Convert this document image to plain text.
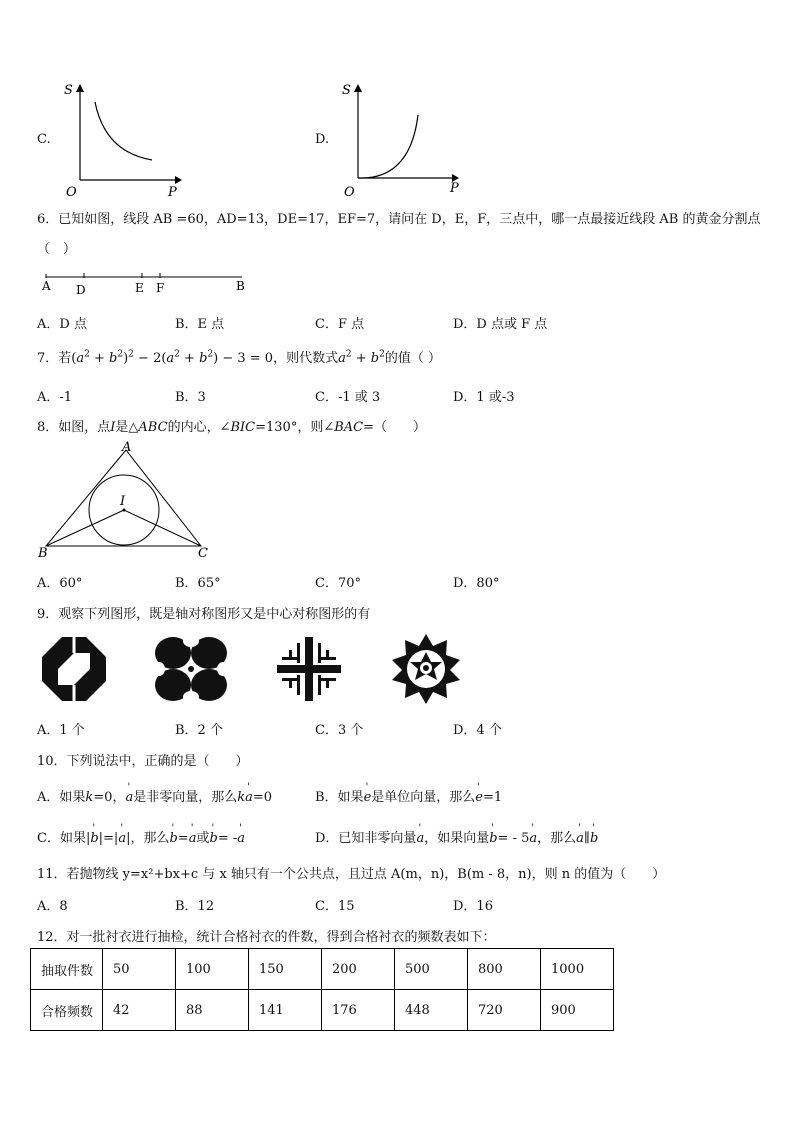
C.
S
P
O
D.
S
P
O
6．已知如图，线段 AB =60，AD=13，DE=17，EF=7，请问在 D，E，F，三点中，哪一点最接近线段 AB 的黄金分割点
（　）
A D	E F	B
A．D 点	B．E 点	C．F 点	D．D 点或 F 点
7．若$(a^2 + b^2)^2 - 2(a^2 + b^2) - 3 = 0$，则代数式$a^2 + b^2$的值（ ）
A．-1	B．3	C．-1 或 3	D．1 或-3
8．如图，点I是△ABC的内心，∠BIC=130°，则∠BAC=（　　）
A
B	C
I
A．60°	B．65°	C．70°	D．80°
9．观察下列图形，既是轴对称图形又是中心对称图形的有
A．1 个	B．2 个	C．3 个	D．4 个
10．下列说法中，正确的是（　　）
A．如果k=0，' a是非零向量，那么k' a=0	B．如果' e是单位向量，那么' e=1
C．如果|' b|=|' a|，那么' b=' a或' b= -' a	D．已知非零向量' a，如果向量' b= - 5' a，那么' a∥' b
11．若抛物线 y=x²+bx+c 与 x 轴只有一个公共点，且过点 A(m，n)，B(m - 8，n)，则 n 的值为（　　）
A．8	B．12	C．15	D．16
12．对一批衬衣进行抽检，统计合格衬衣的件数，得到合格衬衣的频数表如下：
抽取件数	50	100	150	200	500	800	1000
合格频数	42	88	141	176	448	720	900
